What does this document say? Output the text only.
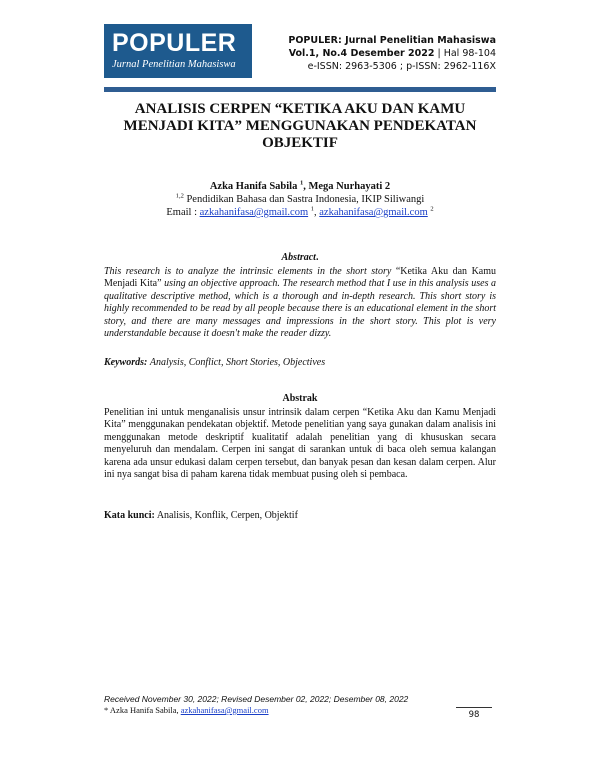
POPULER
Jurnal Penelitian Mahasiswa
POPULER: Jurnal Penelitian Mahasiswa
Vol.1, No.4 Desember 2022 | Hal 98-104
e-ISSN: 2963-5306 ; p-ISSN: 2962-116X
ANALISIS CERPEN “KETIKA AKU DAN KAMU MENJADI KITA” MENGGUNAKAN PENDEKATAN OBJEKTIF
Azka Hanifa Sabila $^1$, Mega Nurhayati 2
$^{1,2}$ Pendidikan Bahasa dan Sastra Indonesia, IKIP Siliwangi
Email : azkahanifasa@gmail.com $^1$, azkahanifasa@gmail.com $^2$
Abstract.
This research is to analyze the intrinsic elements in the short story “Ketika Aku dan Kamu Menjadi Kita” using an objective approach. The research method that I use in this analysis uses a qualitative descriptive method, which is a thorough and in-depth research. This short story is highly recommended to be read by all people because there is an educational element in the short story, and there are many messages and impressions in the short story. This plot is very understandable because it doesn't make the reader dizzy.
Keywords: Analysis, Conflict, Short Stories, Objectives
Abstrak
Penelitian ini untuk menganalisis unsur intrinsik dalam cerpen “Ketika Aku dan Kamu Menjadi Kita” menggunakan pendekatan objektif. Metode penelitian yang saya gunakan dalam analisis ini menggunakan metode deskriptif kualitatif adalah penelitian yang di khususkan secara menyeluruh dan mendalam. Cerpen ini sangat di sarankan untuk di baca oleh semua kalangan karena ada unsur edukasi dalam cerpen tersebut, dan banyak pesan dan kesan dalam cerpen. Alur ini nya sangat bisa di paham karena tidak membuat pusing oleh si pembaca.
Kata kunci: Analisis, Konflik, Cerpen, Objektif
Received November 30, 2022; Revised Desember 02, 2022; Desember 08, 2022
* Azka Hanifa Sabila, azkahanifasa@gmail.com	98
